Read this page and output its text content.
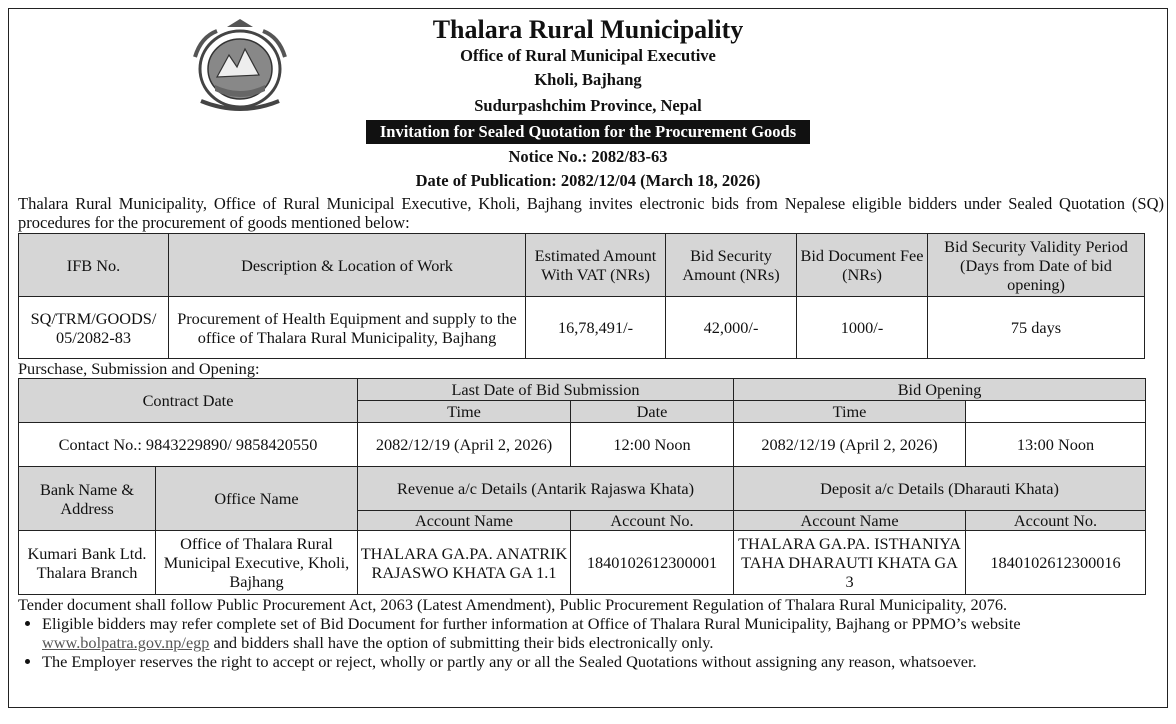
Thalara Rural Municipality
Office of Rural Municipal Executive
Kholi, Bajhang
Sudurpashchim Province, Nepal
Invitation for Sealed Quotation for the Procurement Goods
Notice No.: 2082/83-63
Date of Publication: 2082/12/04 (March 18, 2026)
Thalara Rural Municipality, Office of Rural Municipal Executive, Kholi, Bajhang invites electronic bids from Nepalese eligible bidders under Sealed Quotation (SQ) procedures for the procurement of goods mentioned below:
IFB No.	Description & Location of Work	Estimated Amount With VAT (NRs)	Bid Security Amount (NRs)	Bid Document Fee (NRs)	Bid Security Validity Period (Days from Date of bid opening)
SQ/TRM/GOODS/ 05/2082-83	Procurement of Health Equipment and supply to the office of Thalara Rural Municipality, Bajhang	16,78,491/-	42,000/-	1000/-	75 days
Purschase, Submission and Opening:
Contract Date		Last Date of Bid Submission		Bid Opening	
		Time	Date	Time	
Contact No.: 9843229890/ 9858420550		2082/12/19 (April 2, 2026)	12:00 Noon	2082/12/19 (April 2, 2026)	13:00 Noon
Bank Name & Address	Office Name	Revenue a/c Details (Antarik Rajaswa Khata)		Deposit a/c Details (Dharauti Khata)	
		Account Name	Account No.	Account Name	Account No.
Kumari Bank Ltd. Thalara Branch	Office of Thalara Rural Municipal Executive, Kholi, Bajhang	THALARA GA.PA. ANATRIK RAJASWO KHATA GA 1.1	1840102612300001	THALARA GA.PA. ISTHANIYA TAHA DHARAUTI KHATA GA 3	1840102612300016
Tender document shall follow Public Procurement Act, 2063 (Latest Amendment), Public Procurement Regulation of Thalara Rural Municipality, 2076.
• Eligible bidders may refer complete set of Bid Document for further information at Office of Thalara Rural Municipality, Bajhang or PPMO’s website www.bolpatra.gov.np/egp and bidders shall have the option of submitting their bids electronically only.
• The Employer reserves the right to accept or reject, wholly or partly any or all the Sealed Quotations without assigning any reason, whatsoever.
